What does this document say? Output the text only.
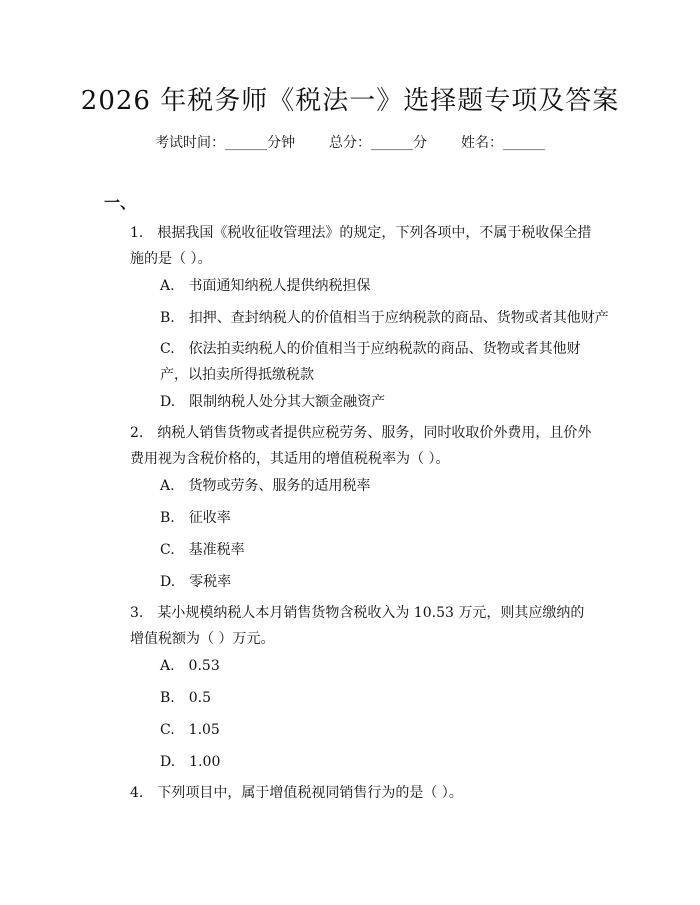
2026 年税务师《税法一》选择题专项及答案
考试时间：______分钟 总分：______分 姓名：______
一、
1.　根据我国《税收征收管理法》的规定，下列各项中，不属于税收保全措施的是（ ）。
A.　书面通知纳税人提供纳税担保
B.　扣押、查封纳税人的价值相当于应纳税款的商品、货物或者其他财产
C.　依法拍卖纳税人的价值相当于应纳税款的商品、货物或者其他财产，以拍卖所得抵缴税款
D.　限制纳税人处分其大额金融资产
2.　纳税人销售货物或者提供应税劳务、服务，同时收取价外费用，且价外费用视为含税价格的，其适用的增值税税率为（ ）。
A.　货物或劳务、服务的适用税率
B.　征收率
C.　基准税率
D.　零税率
3.　某小规模纳税人本月销售货物含税收入为 10.53 万元，则其应缴纳的增值税额为（ ）万元。
A.　0.53
B.　0.5
C.　1.05
D.　1.00
4.　下列项目中，属于增值税视同销售行为的是（ ）。
